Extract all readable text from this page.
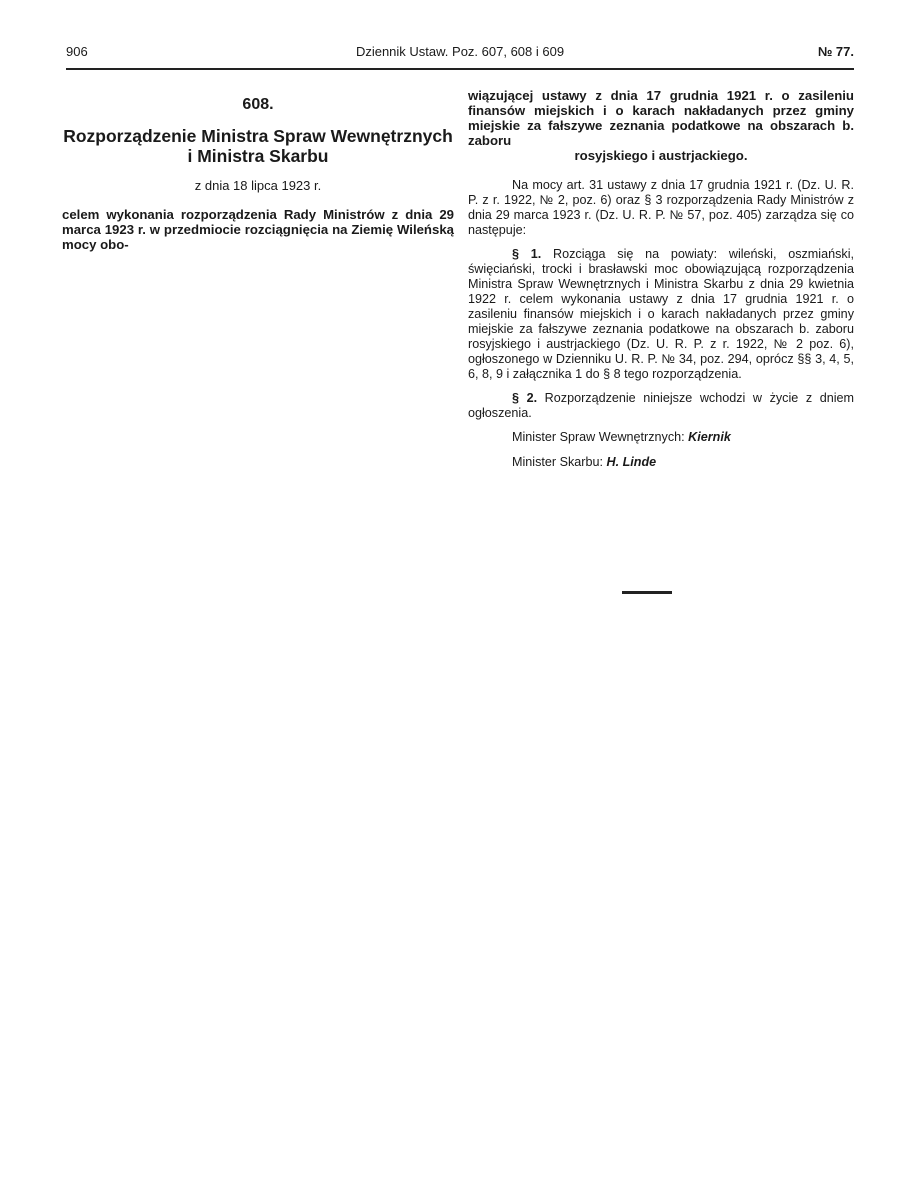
906	Dziennik Ustaw. Poz. 607, 608 i 609	№ 77.

608.

Rozporządzenie Ministra Spraw Wewnętrznych i Ministra Skarbu

z dnia 18 lipca 1923 r.

celem wykonania rozporządzenia Rady Ministrów z dnia 29 marca 1923 r. w przedmiocie rozciągnięcia na Ziemię Wileńską mocy obo-

wiązującej ustawy z dnia 17 grudnia 1921 r. o zasileniu finansów miejskich i o karach nakładanych przez gminy miejskie za fałszywe zeznania podatkowe na obszarach b. zaboru

rosyjskiego i austrjackiego.

Na mocy art. 31 ustawy z dnia 17 grudnia 1921 r. (Dz. U. R. P. z r. 1922, № 2, poz. 6) oraz § 3 rozporządzenia Rady Ministrów z dnia 29 marca 1923 r. (Dz. U. R. P. № 57, poz. 405) zarządza się co następuje:

§ 1. Rozciąga się na powiaty: wileński, oszmiański, święciański, trocki i brasławski moc obowiązującą rozporządzenia Ministra Spraw Wewnętrznych i Ministra Skarbu z dnia 29 kwietnia 1922 r. celem wykonania ustawy z dnia 17 grudnia 1921 r. o zasileniu finansów miejskich i o karach nakładanych przez gminy miejskie za fałszywe zeznania podatkowe na obszarach b. zaboru rosyjskiego i austrjackiego (Dz. U. R. P. z r. 1922, № 2 poz. 6), ogłoszonego w Dzienniku U. R. P. № 34, poz. 294, oprócz §§ 3, 4, 5, 6, 8, 9 i załącznika 1 do § 8 tego rozporządzenia.

§ 2. Rozporządzenie niniejsze wchodzi w życie z dniem ogłoszenia.

Minister Spraw Wewnętrznych: Kiernik

Minister Skarbu: H. Linde
